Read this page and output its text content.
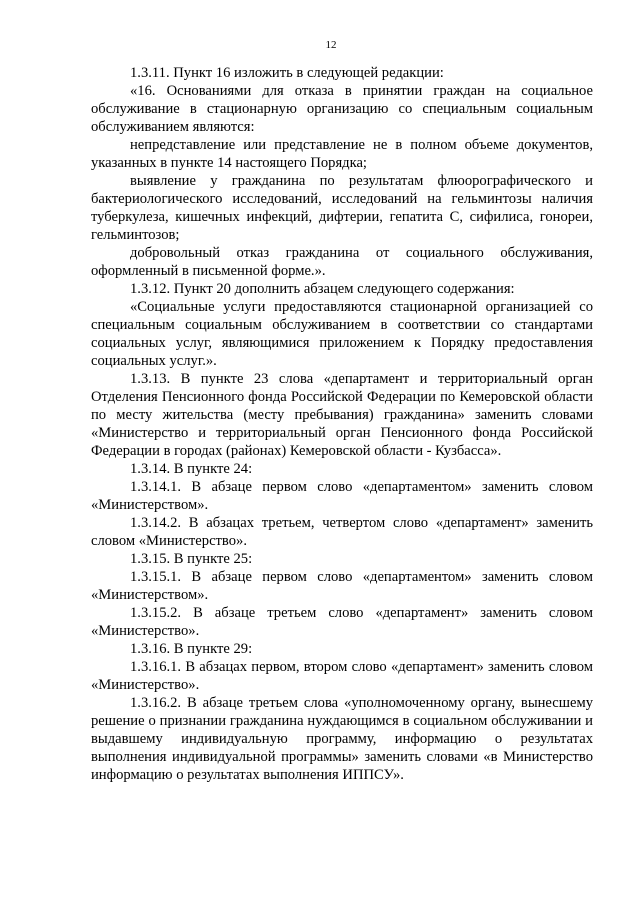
12

1.3.11. Пункт 16 изложить в следующей редакции:

«16. Основаниями для отказа в принятии граждан на социальное обслуживание в стационарную организацию со специальным социальным обслуживанием являются:

непредставление или представление не в полном объеме документов, указанных в пункте 14 настоящего Порядка;

выявление у гражданина по результатам флюорографического и бактериологического исследований, исследований на гельминтозы наличия туберкулеза, кишечных инфекций, дифтерии, гепатита С, сифилиса, гонореи, гельминтозов;

добровольный отказ гражданина от социального обслуживания, оформленный в письменной форме.».

1.3.12. Пункт 20 дополнить абзацем следующего содержания:

«Социальные услуги предоставляются стационарной организацией со специальным социальным обслуживанием в соответствии со стандартами социальных услуг, являющимися приложением к Порядку предоставления социальных услуг.».

1.3.13. В пункте 23 слова «департамент и территориальный орган Отделения Пенсионного фонда Российской Федерации по Кемеровской области по месту жительства (месту пребывания) гражданина» заменить словами «Министерство и территориальный орган Пенсионного фонда Российской Федерации в городах (районах) Кемеровской области - Кузбасса».

1.3.14. В пункте 24:

1.3.14.1. В абзаце первом слово «департаментом» заменить словом «Министерством».

1.3.14.2. В абзацах третьем, четвертом слово «департамент» заменить словом «Министерство».

1.3.15. В пункте 25:

1.3.15.1. В абзаце первом слово «департаментом» заменить словом «Министерством».

1.3.15.2. В абзаце третьем слово «департамент» заменить словом «Министерство».

1.3.16. В пункте 29:

1.3.16.1. В абзацах первом, втором слово «департамент» заменить словом «Министерство».

1.3.16.2. В абзаце третьем слова «уполномоченному органу, вынесшему решение о признании гражданина нуждающимся в социальном обслуживании и выдавшему индивидуальную программу, информацию о результатах выполнения индивидуальной программы» заменить словами «в Министерство информацию о результатах выполнения ИППСУ».
